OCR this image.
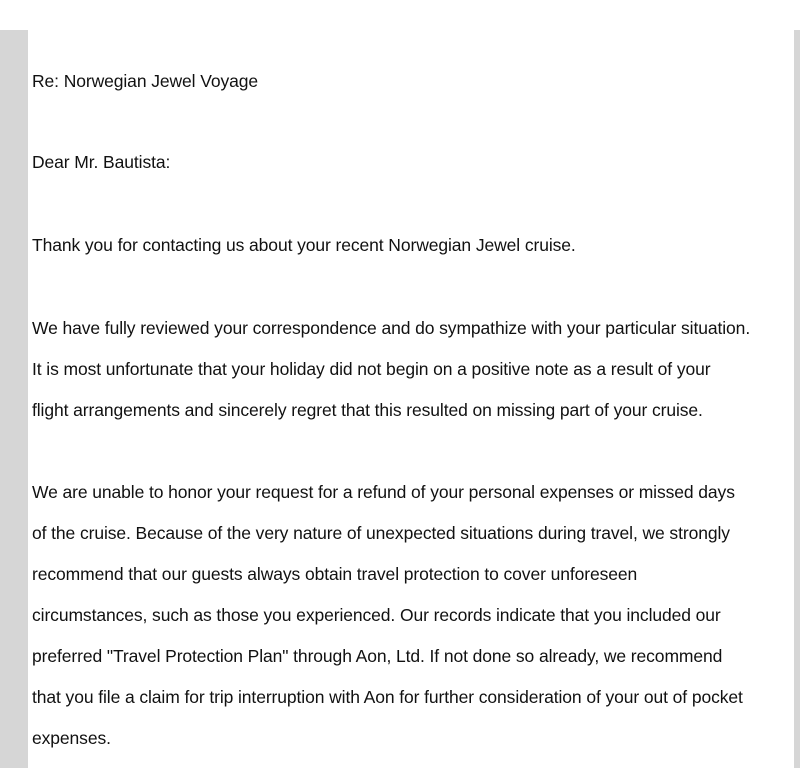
Re: Norwegian Jewel Voyage
Dear Mr. Bautista:
Thank you for contacting us about your recent Norwegian Jewel cruise.
We have fully reviewed your correspondence and do sympathize with your particular situation.
It is most unfortunate that your holiday did not begin on a positive note as a result of your
flight arrangements and sincerely regret that this resulted on missing part of your cruise.
We are unable to honor your request for a refund of your personal expenses or missed days
of the cruise. Because of the very nature of unexpected situations during travel, we strongly
recommend that our guests always obtain travel protection to cover unforeseen
circumstances, such as those you experienced. Our records indicate that you included our
preferred "Travel Protection Plan" through Aon, Ltd. If not done so already, we recommend
that you file a claim for trip interruption with Aon for further consideration of your out of pocket
expenses.
